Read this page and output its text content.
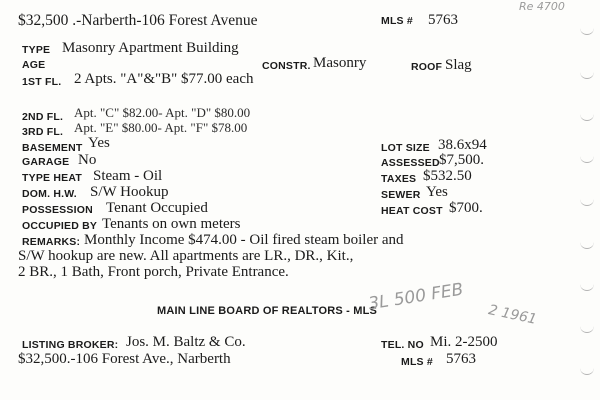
$32,500 .-Narberth-106 Forest Avenue	MLS # 5763
Re 4700
TYPE Masonry Apartment Building
AGE	CONSTR. Masonry	ROOF Slag
1ST FL. 2 Apts. "A"&"B" $77.00 each
2ND FL. Apt. "C" $82.00- Apt. "D" $80.00
3RD FL. Apt. "E" $80.00- Apt. "F" $78.00
BASEMENT Yes
GARAGE No
TYPE HEAT Steam - Oil
DOM. H.W. S/W Hookup
POSSESSION Tenant Occupied
OCCUPIED BY Tenants on own meters
LOT SIZE 38.6x94
ASSESSED $7,500.
TAXES $532.50
SEWER Yes
HEAT COST $700.
REMARKS: Monthly Income $474.00 - Oil fired steam boiler and
S/W hookup are new. All apartments are LR., DR., Kit.,
2 BR., 1 Bath, Front porch, Private Entrance.
MAIN LINE BOARD OF REALTORS - MLS
3L 500 FEB
2 1961
LISTING BROKER: Jos. M. Baltz & Co.	TEL. NO Mi. 2-2500
$32,500.-106 Forest Ave., Narberth	MLS # 5763
